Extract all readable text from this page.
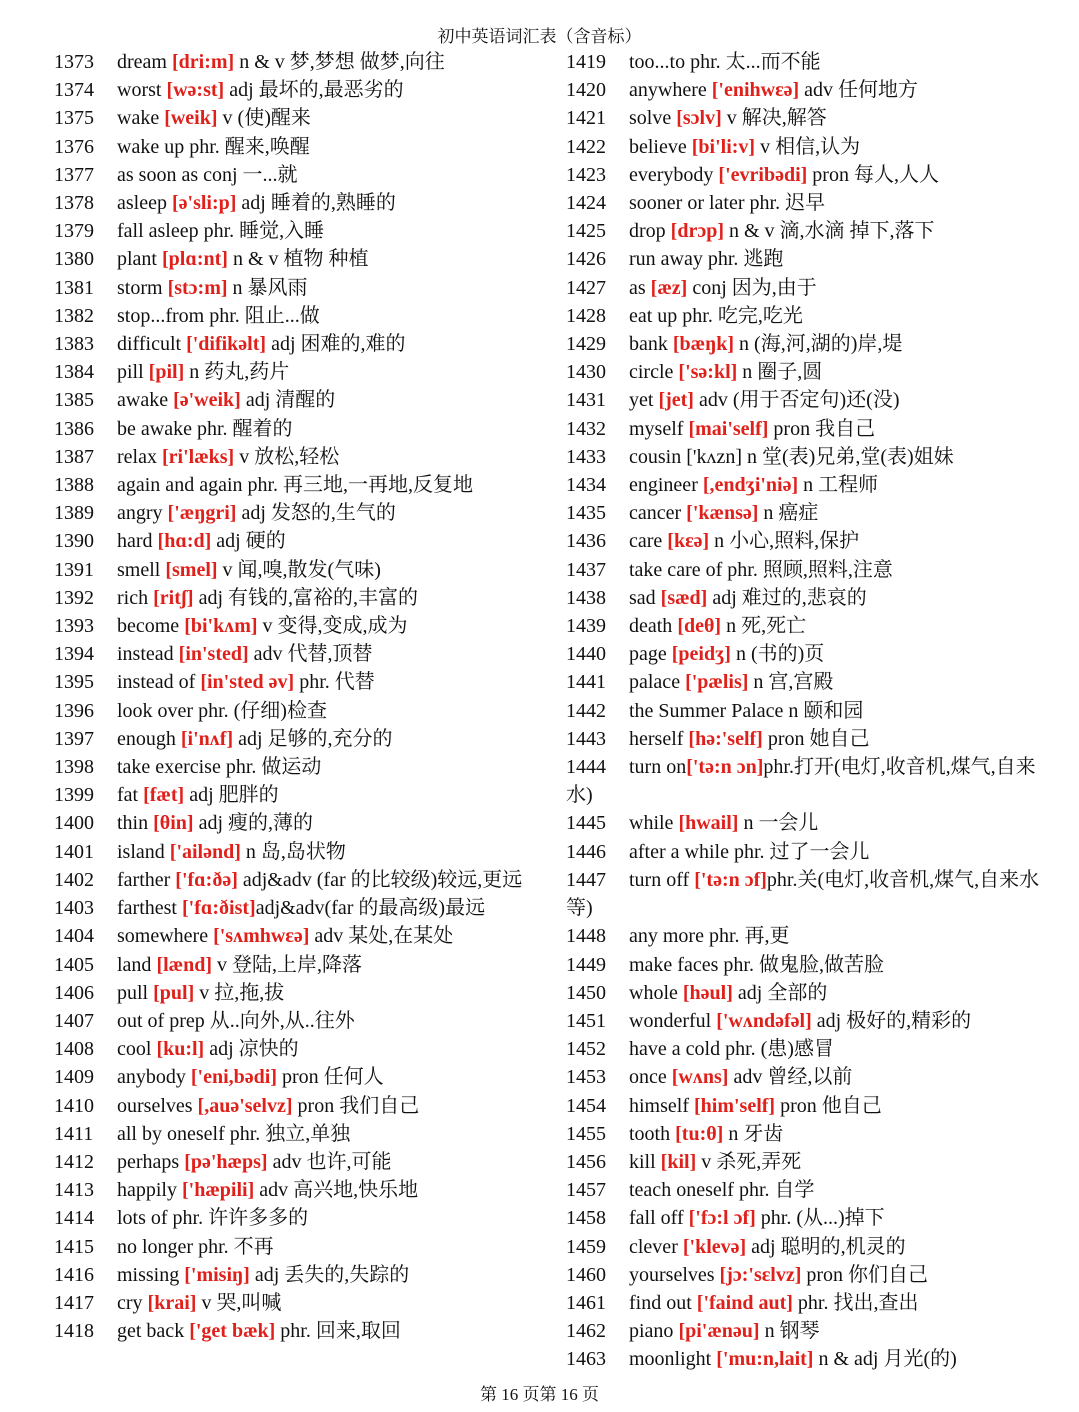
初中英语词汇表（含音标）
1373 dream [dri:m] n & v 梦,梦想 做梦,向往
1374 worst [wə:st] adj 最坏的,最恶劣的
1375 wake [weik] v (使)醒来
1376 wake up phr. 醒来,唤醒
1377 as soon as conj 一...就
1378 asleep [ə'sli:p] adj 睡着的,熟睡的
1379 fall asleep phr. 睡觉,入睡
1380 plant [plɑ:nt] n & v 植物 种植
1381 storm [stɔ:m] n 暴风雨
1382 stop...from phr. 阻止...做
1383 difficult ['difikəlt] adj 困难的,难的
1384 pill [pil] n 药丸,药片
1385 awake [ə'weik] adj 清醒的
1386 be awake phr. 醒着的
1387 relax [ri'læks] v 放松,轻松
1388 again and again phr. 再三地,一再地,反复地
1389 angry ['æŋgri] adj 发怒的,生气的
1390 hard [hɑ:d] adj 硬的
1391 smell [smel] v 闻,嗅,散发(气味)
1392 rich [ritʃ] adj 有钱的,富裕的,丰富的
1393 become [bi'kʌm] v 变得,变成,成为
1394 instead [in'sted] adv 代替,顶替
1395 instead of [in'sted əv] phr. 代替
1396 look over phr. (仔细)检查
1397 enough [i'nʌf] adj 足够的,充分的
1398 take exercise phr. 做运动
1399 fat [fæt] adj 肥胖的
1400 thin [θin] adj 瘦的,薄的
1401 island ['ailənd] n 岛,岛状物
1402 farther ['fɑ:ðə] adj&adv (far 的比较级)较远,更远
1403 farthest ['fɑ:ðist]adj&adv(far 的最高级)最远
1404 somewhere ['sʌmhwɛə] adv 某处,在某处
1405 land [lænd] v 登陆,上岸,降落
1406 pull [pul] v 拉,拖,拔
1407 out of prep 从..向外,从..往外
1408 cool [ku:l] adj 凉快的
1409 anybody ['eni,bədi] pron 任何人
1410 ourselves [,auə'selvz] pron 我们自己
1411 all by oneself phr. 独立,单独
1412 perhaps [pə'hæps] adv 也许,可能
1413 happily ['hæpili] adv 高兴地,快乐地
1414 lots of phr. 许许多多的
1415 no longer phr. 不再
1416 missing ['misiŋ] adj 丢失的,失踪的
1417 cry [krai] v 哭,叫喊
1418 get back ['get bæk] phr. 回来,取回
1419 too...to phr. 太...而不能
1420 anywhere ['enihwɛə] adv 任何地方
1421 solve [sɔlv] v 解决,解答
1422 believe [bi'li:v] v 相信,认为
1423 everybody ['evribədi] pron 每人,人人
1424 sooner or later phr. 迟早
1425 drop [drɔp] n & v 滴,水滴 掉下,落下
1426 run away phr. 逃跑
1427 as [æz] conj 因为,由于
1428 eat up phr. 吃完,吃光
1429 bank [bæŋk] n (海,河,湖的)岸,堤
1430 circle ['sə:kl] n 圈子,圆
1431 yet [jet] adv (用于否定句)还(没)
1432 myself [mai'self] pron 我自己
1433 cousin ['kʌzn] n 堂(表)兄弟,堂(表)姐妹
1434 engineer [,endʒi'niə] n 工程师
1435 cancer ['kænsə] n 癌症
1436 care [kɛə] n 小心,照料,保护
1437 take care of phr. 照顾,照料,注意
1438 sad [sæd] adj 难过的,悲哀的
1439 death [deθ] n 死,死亡
1440 page [peidʒ] n (书的)页
1441 palace ['pælis] n 宫,宫殿
1442 the Summer Palace n 颐和园
1443 herself [hə:'self] pron 她自己
1444 turn on['tə:n ɔn]phr.打开(电灯,收音机,煤气,自来水)
1445 while [hwail] n 一会儿
1446 after a while phr. 过了一会儿
1447 turn off ['tə:n ɔf]phr.关(电灯,收音机,煤气,自来水等)
1448 any more phr. 再,更
1449 make faces phr. 做鬼脸,做苦脸
1450 whole [həul] adj 全部的
1451 wonderful ['wʌndəfəl] adj 极好的,精彩的
1452 have a cold phr. (患)感冒
1453 once [wʌns] adv 曾经,以前
1454 himself [him'self] pron 他自己
1455 tooth [tu:θ] n 牙齿
1456 kill [kil] v 杀死,弄死
1457 teach oneself phr. 自学
1458 fall off ['fɔ:l ɔf] phr. (从...)掉下
1459 clever ['klevə] adj 聪明的,机灵的
1460 yourselves [jɔ:'sɛlvz] pron 你们自己
1461 find out ['faind aut] phr. 找出,查出
1462 piano [pi'ænəu] n 钢琴
1463 moonlight ['mu:n,lait] n & adj 月光(的)
第 16 页第 16 页
